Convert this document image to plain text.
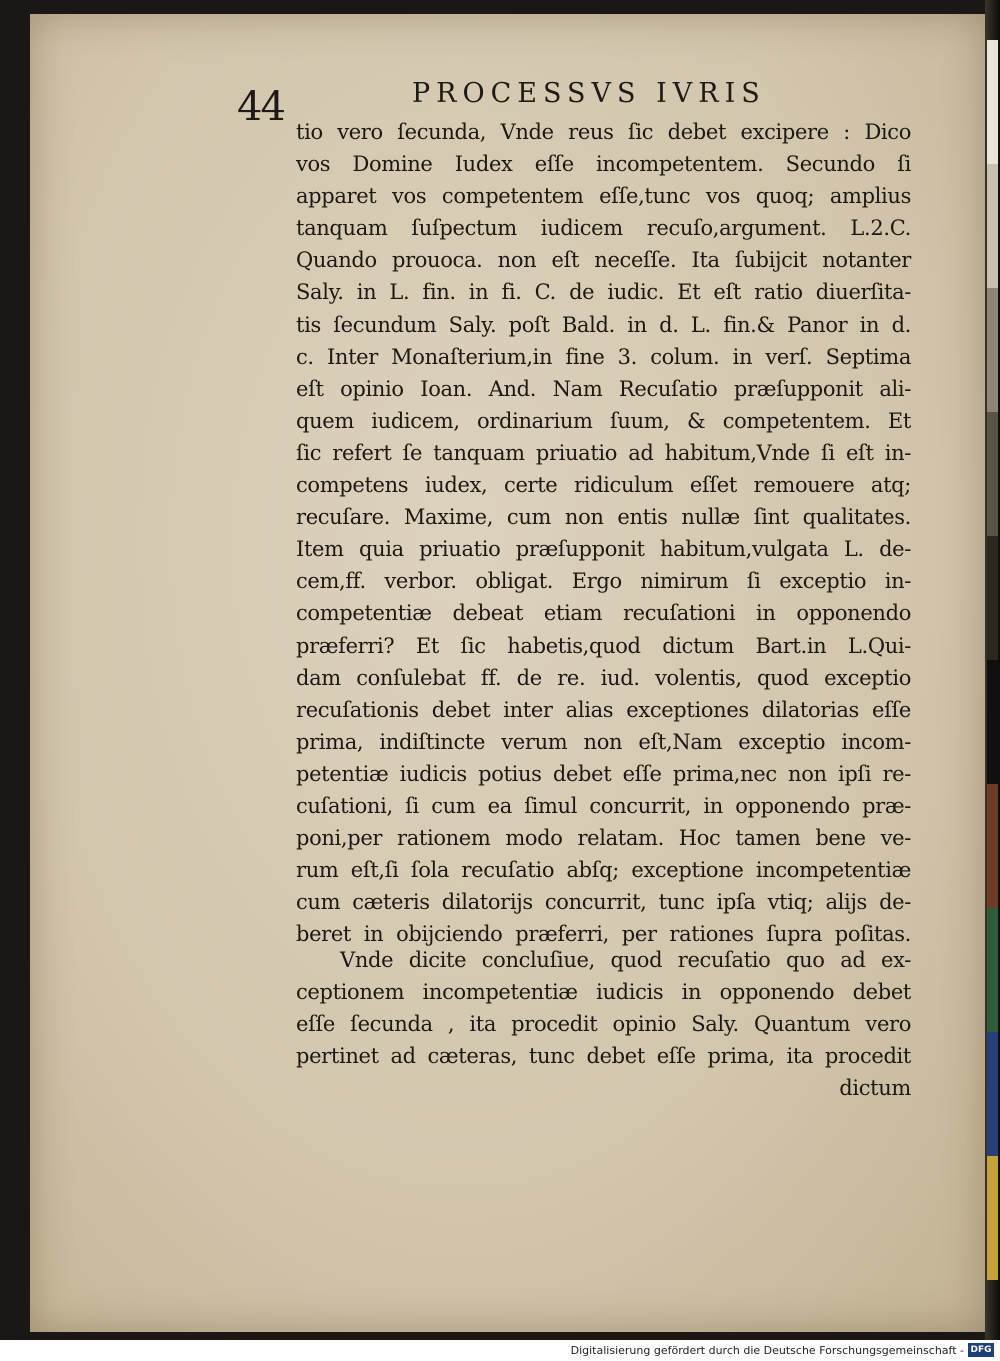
44	PROCESSVS IVRIS
tio vero ſecunda, Vnde reus ſic debet excipere : Dico
vos Domine Iudex eſſe incompetentem. Secundo ſi
apparet vos competentem eſſe,tunc vos quoq; amplius
tanquam ſuſpectum iudicem recuſo,argument. L.2.C.
Quando prouoca. non eſt neceſſe. Ita ſubijcit notanter
Saly. in L. fin. in fi. C. de iudic. Et eſt ratio diuerſita-
tis ſecundum Saly. poſt Bald. in d. L. fin.& Panor in d.
c. Inter Monaſterium,in fine 3. colum. in verſ. Septima
eſt opinio Ioan. And. Nam Recuſatio præſupponit ali-
quem iudicem, ordinarium ſuum, & competentem. Et
ſic refert ſe tanquam priuatio ad habitum,Vnde ſi eſt in-
competens iudex, certe ridiculum eſſet remouere atq;
recuſare. Maxime, cum non entis nullæ ſint qualitates.
Item quia priuatio præſupponit habitum,vulgata L. de-
cem,ff. verbor. obligat. Ergo nimirum ſi exceptio in-
competentiæ debeat etiam recuſationi in opponendo
præferri? Et ſic habetis,quod dictum Bart.in L.Qui-
dam conſulebat ff. de re. iud. volentis, quod exceptio
recuſationis debet inter alias exceptiones dilatorias eſſe
prima, indiſtincte verum non eſt,Nam exceptio incom-
petentiæ iudicis potius debet eſſe prima,nec non ipſi re-
cuſationi, ſi cum ea ſimul concurrit, in opponendo præ-
poni,per rationem modo relatam. Hoc tamen bene ve-
rum eſt,ſi ſola recuſatio abſq; exceptione incompetentiæ
cum cæteris dilatorijs concurrit, tunc ipſa vtiq; alijs de-
beret in obijciendo præferri, per rationes ſupra poſitas.
Vnde dicite concluſiue, quod recuſatio quo ad ex-
ceptionem incompetentiæ iudicis in opponendo debet
eſſe ſecunda , ita procedit opinio Saly. Quantum vero
pertinet ad cæteras, tunc debet eſſe prima, ita procedit
dictum
Digitalisierung gefördert durch die Deutsche Forschungsgemeinschaft - DFG
